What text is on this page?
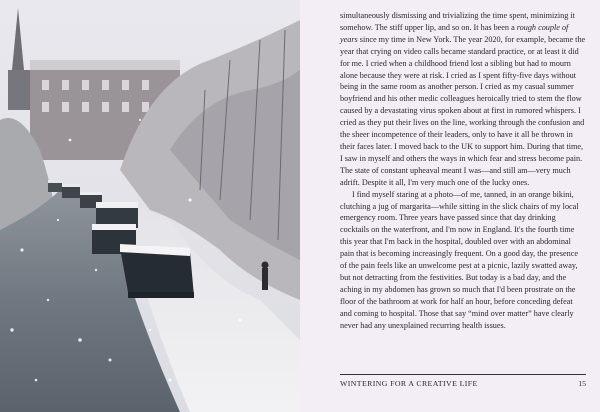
simultaneously dismissing and trivializing the time spent, minimizing it somehow. The stiff upper lip, and so on. It has been a rough couple of years since my time in New York. The year 2020, for example, became the year that crying on video calls became standard practice, or at least it did for me. I cried when a childhood friend lost a sibling but had to mourn alone because they were at risk. I cried as I spent fifty-five days without being in the same room as another person. I cried as my casual summer boyfriend and his other medic colleagues heroically tried to stem the flow caused by a devastating virus spoken about at first in rumored whispers. I cried as they put their lives on the line, working through the confusion and the sheer incompetence of their leaders, only to have it all be thrown in their faces later. I moved back to the UK to support him. During that time, I saw in myself and others the ways in which fear and stress become pain. The state of constant upheaval meant I was—and still am—very much adrift. Despite it all, I'm very much one of the lucky ones.

I find myself staring at a photo—of me, tanned, in an orange bikini, clutching a jug of margarita—while sitting in the slick chairs of my local emergency room. Three years have passed since that day drinking cocktails on the waterfront, and I'm now in England. It's the fourth time this year that I'm back in the hospital, doubled over with an abdominal pain that is becoming increasingly frequent. On a good day, the presence of the pain feels like an unwelcome pest at a picnic, lazily swatted away, but not detracting from the festivities. But today is a bad day, and the aching in my abdomen has grown so much that I'd been prostrate on the floor of the bathroom at work for half an hour, before conceding defeat and coming to hospital. Those that say “mind over matter” have clearly never had any unexplained recurring health issues.

WINTERING FOR A CREATIVE LIFE	15
